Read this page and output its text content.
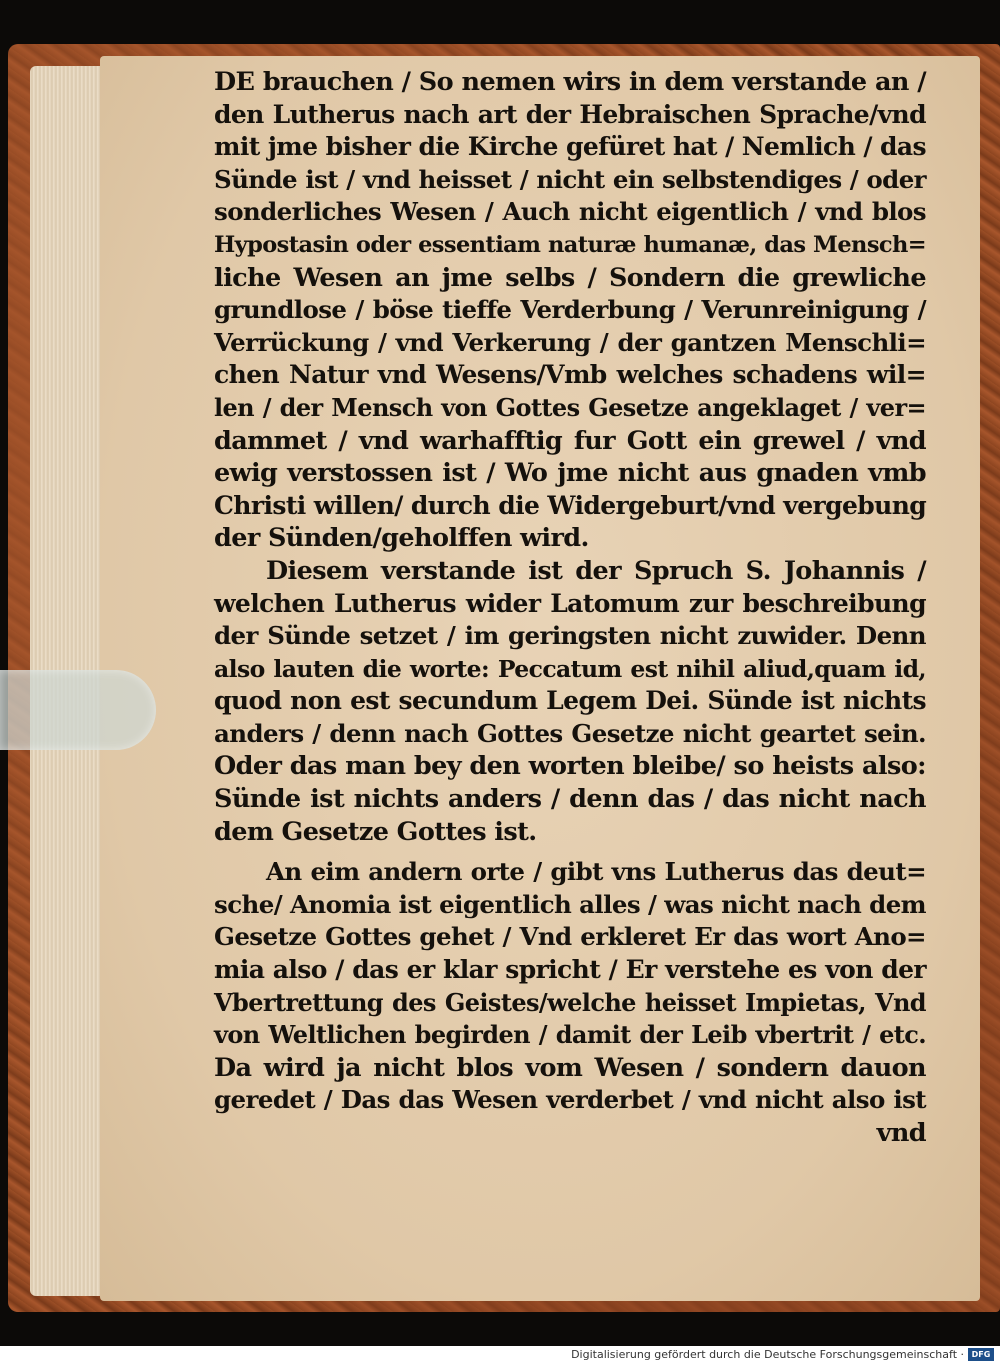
DE brauchen / So nemen wirs in dem verstande an /
den Lutherus nach art der Hebraischen Sprache/vnd
mit jme bisher die Kirche gefüret hat / Nemlich / das
Sünde ist / vnd heisset / nicht ein selbstendiges / oder
sonderliches Wesen / Auch nicht eigentlich / vnd blos
Hypostasin oder essentiam naturæ humanæ, das Mensch=
liche Wesen an jme selbs / Sondern die grewliche
grundlose / böse tieffe Verderbung / Verunreinigung /
Verrückung / vnd Verkerung / der gantzen Menschli=
chen Natur vnd Wesens/Vmb welches schadens wil=
len / der Mensch von Gottes Gesetze angeklaget / ver=
dammet / vnd warhafftig fur Gott ein grewel / vnd
ewig verstossen ist / Wo jme nicht aus gnaden vmb
Christi willen/ durch die Widergeburt/vnd vergebung
der Sünden/geholffen wird.
Diesem verstande ist der Spruch S. Johannis /
welchen Lutherus wider Latomum zur beschreibung
der Sünde setzet / im geringsten nicht zuwider. Denn
also lauten die worte: Peccatum est nihil aliud,quam id,
quod non est secundum Legem Dei. Sünde ist nichts
anders / denn nach Gottes Gesetze nicht geartet sein.
Oder das man bey den worten bleibe/ so heists also:
Sünde ist nichts anders / denn das / das nicht nach
dem Gesetze Gottes ist.
An eim andern orte / gibt vns Lutherus das deut=
sche/ Anomia ist eigentlich alles / was nicht nach dem
Gesetze Gottes gehet / Vnd erkleret Er das wort Ano=
mia also / das er klar spricht / Er verstehe es von der
Vbertrettung des Geistes/welche heisset Impietas, Vnd
von Weltlichen begirden / damit der Leib vbertrit / etc.
Da wird ja nicht blos vom Wesen / sondern dauon
geredet / Das das Wesen verderbet / vnd nicht also ist
vnd
Digitalisierung gefördert durch die Deutsche Forschungsgemeinschaft · DFG
